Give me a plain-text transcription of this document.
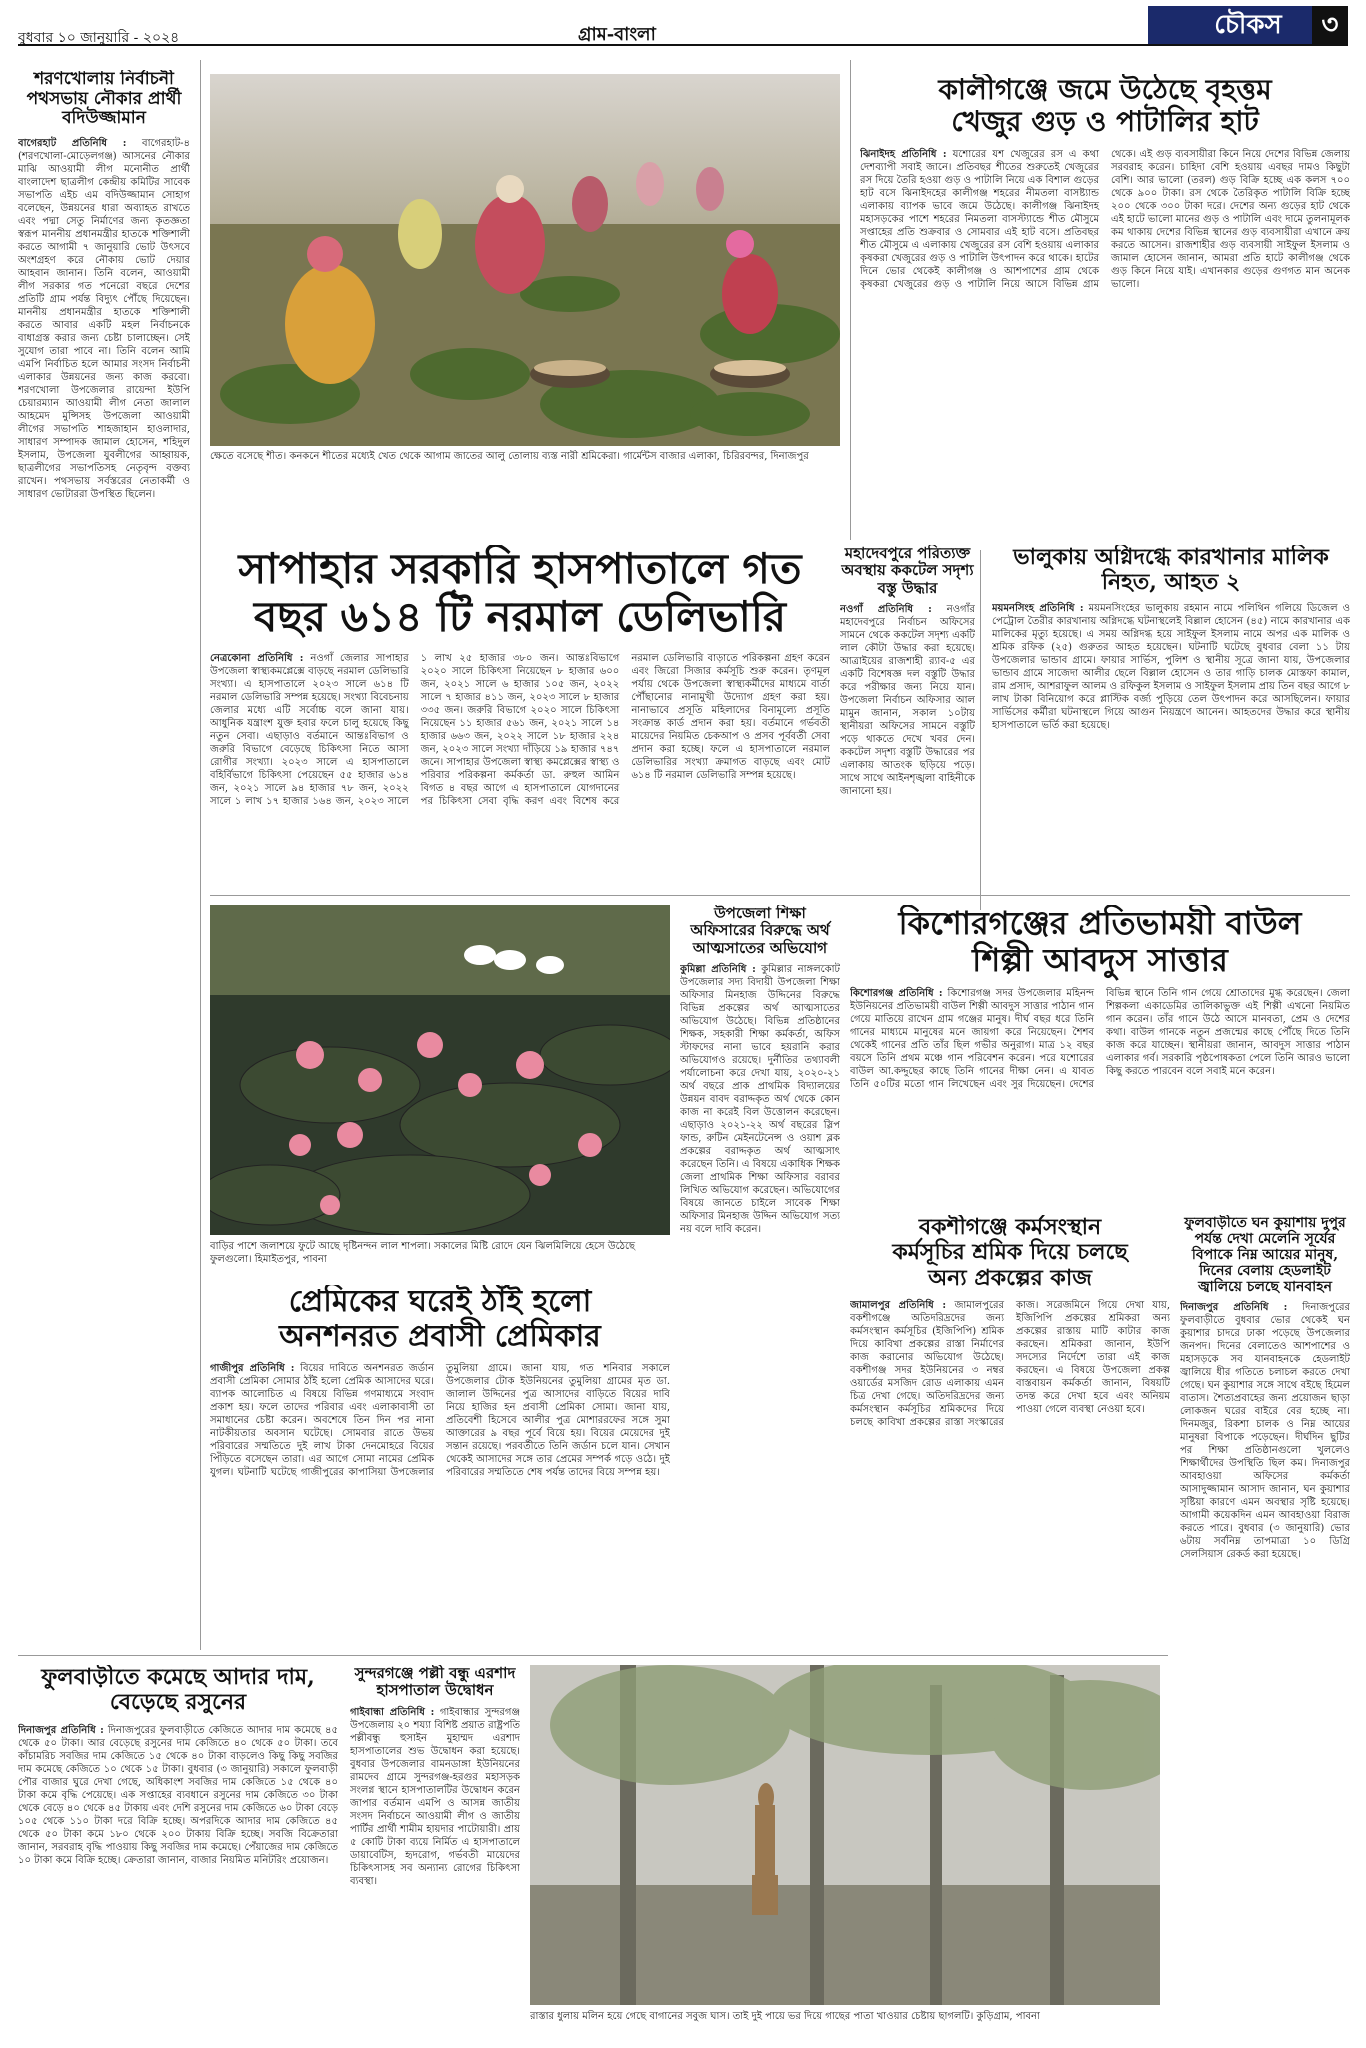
বুধবার ১০ জানুয়ারি - ২০২৪	গ্রাম-বাংলা	চৌকস	৩
শরণখোলায় নির্বাচনী পথসভায় নৌকার প্রার্থী বদিউজ্জামান
বাগেরহাট প্রতিনিধি : বাগেরহাট-৪ (শরণখোলা-মোড়েলগঞ্জ) আসনের নৌকার মাঝি আওয়ামী লীগ মনোনীত প্রার্থী বাংলাদেশ ছাত্রলীগ কেন্দ্রীয় কমিটির সাবেক সভাপতি এইচ এম বদিউজ্জামান সোহাগ বলেছেন, উন্নয়নের ধারা অব্যাহত রাখতে এবং পদ্মা সেতু নির্মাণের জন্য কৃতজ্ঞতা স্বরূপ মাননীয় প্রধানমন্ত্রীর হাতকে শক্তিশালী করতে আগামী ৭ জানুয়ারি ভোট উৎসবে অংশগ্রহণ করে নৌকায় ভোট দেয়ার আহবান জানান। তিনি বলেন, আওয়ামী লীগ সরকার গত পনেরো বছরে দেশের প্রতিটি গ্রাম পর্যন্ত বিদ্যুৎ পৌঁছে দিয়েছেন। মাননীয় প্রধানমন্ত্রীর হাতকে শক্তিশালী করতে আবার একটি মহল নির্বাচনকে বাধাগ্রস্ত করার জন্য চেষ্টা চালাচ্ছেন। সেই সুযোগ তারা পাবে না। তিনি বলেন আমি এমপি নির্বাচিত হলে আমার সংসদ নির্বাচনী এলাকার উন্নয়নের জন্য কাজ করবো। শরণখোলা উপজেলার রায়েন্দা ইউপি চেয়ারম্যান আওয়ামী লীগ নেতা জালাল আহমেদ মুন্সিসহ উপজেলা আওয়ামী লীগের সভাপতি শাহজাহান হাওলাদার, সাধারণ সম্পাদক জামাল হোসেন, শহিদুল ইসলাম, উপজেলা যুবলীগের আহ্বায়ক, ছাত্রলীগের সভাপতিসহ নেতৃবৃন্দ বক্তব্য রাখেন। পথসভায় সর্বস্তরের নেতাকর্মী ও সাধারণ ভোটাররা উপস্থিত ছিলেন।
ক্ষেতে বসেছে শীত। কনকনে শীতের মধ্যেই খেত থেকে আগাম জাতের আলু তোলায় ব্যস্ত নারী শ্রমিকেরা। গার্মেন্টস বাজার এলাকা, চিরিরবন্দর, দিনাজপুর
কালীগঞ্জে জমে উঠেছে বৃহত্তম
খেজুর গুড় ও পাটালির হাট
ঝিনাইদহ প্রতিনিধি : যশোরের যশ খেজুরের রস এ কথা দেশব্যাপী সবাই জানে। প্রতিবছর শীতের শুরুতেই খেজুরের রস দিয়ে তৈরি হওয়া গুড় ও পাটালি নিয়ে এক বিশাল গুড়ের হাট বসে ঝিনাইদহের কালীগঞ্জ শহরের নীমতলা বাসষ্ট্যান্ড এলাকায় ব্যাপক ভাবে জমে উঠেছে। কালীগঞ্জ ঝিনাইদহ মহাসড়কের পাশে শহরের নিমতলা বাসস্ট্যান্ডে শীত মৌসুমে সপ্তাহের প্রতি শুক্রবার ও সোমবার এই হাট বসে। প্রতিবছর শীত মৌসুমে এ এলাকায় খেজুরের রস বেশি হওয়ায় এলাকার কৃষকরা খেজুরের গুড় ও পাটালি উৎপাদন করে থাকে। হাটের দিনে ভোর থেকেই কালীগঞ্জ ও আশপাশের গ্রাম থেকে কৃষকরা খেজুরের গুড় ও পাটালি নিয়ে আসে বিভিন্ন গ্রাম থেকে। এই গুড় ব্যবসায়ীরা কিনে নিয়ে দেশের বিভিন্ন জেলায় সরবরাহ করেন। চাহিদা বেশি হওয়ায় এবছর দামও কিছুটা বেশি। আর ভালো (তরল) গুড় বিক্রি হচ্ছে এক কলস ৭০০ থেকে ৯০০ টাকা। রস থেকে তৈরিকৃত পাটালি বিক্রি হচ্ছে ২০০ থেকে ৩০০ টাকা দরে। দেশের অন্য গুড়ের হাট থেকে এই হাটে ভালো মানের গুড় ও পাটালি এবং দামে তুলনামূলক কম থাকায় দেশের বিভিন্ন স্থানের গুড় ব্যবসায়ীরা এখানে ক্রয় করতে আসেন। রাজশাহীর গুড় ব্যবসায়ী সাইফুল ইসলাম ও জামাল হোসেন জানান, আমরা প্রতি হাটে কালীগঞ্জ থেকে গুড় কিনে নিয়ে যাই। এখানকার গুড়ের গুণগত মান অনেক ভালো।
সাপাহার সরকারি হাসপাতালে গত
বছর ৬১৪ টি নরমাল ডেলিভারি
নেত্রকোনা প্রতিনিধি : নওগাঁ জেলার সাপাহার উপজেলা স্বাস্থ্যকমপ্লেক্সে বাড়ছে নরমাল ডেলিভারি সংখ্যা। এ হাসপাতালে ২০২৩ সালে ৬১৪ টি নরমাল ডেলিভারি সম্পন্ন হয়েছে। সংখ্যা বিবেচনায় জেলার মধ্যে এটি সর্বোচ্চ বলে জানা যায়। আধুনিক যন্ত্রাংশ যুক্ত হবার ফলে চালু হয়েছে কিছু নতুন সেবা। এছাড়াও বর্তমানে আন্তঃবিভাগ ও জরুরি বিভাগে বেড়েছে চিকিৎসা নিতে আসা রোগীর সংখ্যা। ২০২৩ সালে এ হাসপাতালে বহির্বিভাগে চিকিৎসা পেয়েছেন ৫৫ হাজার ৬১৪ জন, ২০২১ সালে ৯৪ হাজার ৭৮ জন, ২০২২ সালে ১ লাখ ১৭ হাজার ১৬৪ জন, ২০২৩ সালে ১ লাখ ২৫ হাজার ৩৮০ জন। আন্তঃবিভাগে ২০২০ সালে চিকিৎসা নিয়েছেন ৮ হাজার ৬০০ জন, ২০২১ সালে ৬ হাজার ১০৫ জন, ২০২২ সালে ৭ হাজার ৪১১ জন, ২০২৩ সালে ৮ হাজার ৩৩৫ জন। জরুরি বিভাগে ২০২০ সালে চিকিৎসা নিয়েছেন ১১ হাজার ৫৬১ জন, ২০২১ সালে ১৪ হাজার ৬৬৩ জন, ২০২২ সালে ১৮ হাজার ২২৪ জন, ২০২৩ সালে সংখ্যা দাঁড়িয়ে ১৯ হাজার ৭৪৭ জনে। সাপাহার উপজেলা স্বাস্থ্য কমপ্লেক্সের স্বাস্থ্য ও পরিবার পরিকল্পনা কর্মকর্তা ডা. রুহুল আমিন বিগত ৪ বছর আগে এ হাসপাতালে যোগদানের পর চিকিৎসা সেবা বৃদ্ধি করণ এবং বিশেষ করে নরমাল ডেলিভারি বাড়াতে পরিকল্পনা গ্রহণ করেন এবং জিরো সিজার কর্মসূচি শুরু করেন। তৃণমূল পর্যায় থেকে উপজেলা স্বাস্থ্যকর্মীদের মাধ্যমে বার্তা পৌঁছানোর নানামুখী উদ্যোগ গ্রহণ করা হয়। নানাভাবে প্রসূতি মহিলাদের বিনামূল্যে প্রসূতি সংক্রান্ত কার্ড প্রদান করা হয়। বর্তমানে গর্ভবতী মায়েদের নিয়মিত চেকআপ ও প্রসব পূর্ববর্তী সেবা প্রদান করা হচ্ছে। ফলে এ হাসপাতালে নরমাল ডেলিভারির সংখ্যা ক্রমাগত বাড়ছে এবং মোট ৬১৪ টি নরমাল ডেলিভারি সম্পন্ন হয়েছে।
মহাদেবপুরে পরিত্যক্ত অবস্থায় ককটেল সদৃশ্য বস্তু উদ্ধার
নওগাঁ প্রতিনিধি : নওগাঁর মহাদেবপুরে নির্বাচন অফিসের সামনে থেকে ককটেল সদৃশ্য একটি লাল কৌটা উদ্ধার করা হয়েছে। আত্রাইয়ের রাজশাহী র‍্যাব-৫ এর একটি বিশেষজ্ঞ দল বস্তুটি উদ্ধার করে পরীক্ষার জন্য নিয়ে যান। উপজেলা নির্বাচন অফিসার আল মামুন জানান, সকাল ১০টায় স্থানীয়রা অফিসের সামনে বস্তুটি পড়ে থাকতে দেখে খবর দেন। ককটেল সদৃশ্য বস্তুটি উদ্ধারের পর এলাকায় আতংক ছড়িয়ে পড়ে। সাথে সাথে আইনশৃঙ্খলা বাহিনীকে জানানো হয়।
ভালুকায় অগ্নিদগ্ধে কারখানার মালিক নিহত, আহত ২
ময়মনসিংহ প্রতিনিধি : ময়মনসিংহের ভালুকায় রহমান নামে পলিথিন গলিয়ে ডিজেল ও পেট্রোল তৈরীর কারখানায় অগ্নিদগ্ধে ঘটনাস্থলেই বিল্লাল হোসেন (৪৫) নামে কারখানার এক মালিকের মৃত্যু হয়েছে। এ সময় অগ্নিদগ্ধ হয়ে সাইফুল ইসলাম নামে অপর এক মালিক ও শ্রমিক রফিক (২৫) গুরুতর আহত হয়েছেন। ঘটনাটি ঘটেছে বুধবার বেলা ১১ টায় উপজেলার ভান্ডাব গ্রামে। ফায়ার সার্ভিস, পুলিশ ও স্থানীয় সূত্রে জানা যায়, উপজেলার ভান্ডাব গ্রামে সাজেদা আলীর ছেলে বিল্লাল হোসেন ও তার গাড়ি চালক মোস্তফা কামাল, রাম প্রসাদ, আশরাফুল আলম ও রফিকুল ইসলাম ও সাইফুল ইসলাম প্রায় তিন বছর আগে ৮ লাখ টাকা বিনিয়োগ করে প্লাস্টিক বর্জ্য পুড়িয়ে তেল উৎপাদন করে আসছিলেন। ফায়ার সার্ভিসের কর্মীরা ঘটনাস্থলে গিয়ে আগুন নিয়ন্ত্রণে আনেন। আহতদের উদ্ধার করে স্থানীয় হাসপাতালে ভর্তি করা হয়েছে।
বাড়ির পাশে জলাশয়ে ফুটে আছে দৃষ্টিনন্দন লাল শাপলা। সকালের মিষ্টি রোদে যেন ঝিলমিলিয়ে হেসে উঠেছে ফুলগুলো। হিমাইতপুর, পাবনা
উপজেলা শিক্ষা অফিসারের বিরুদ্ধে অর্থ আত্মসাতের অভিযোগ
কুমিল্লা প্রতিনিধি : কুমিল্লার নাঙ্গলকোট উপজেলার সদ্য বিদায়ী উপজেলা শিক্ষা অফিসার মিনহাজ উদ্দিনের বিরুদ্ধে বিভিন্ন প্রকল্পের অর্থ আত্মসাতের অভিযোগ উঠেছে। বিভিন্ন প্রতিষ্ঠানের শিক্ষক, সহকারী শিক্ষা কর্মকর্তা, অফিস স্টাফদের নানা ভাবে হয়রানি করার অভিযোগও রয়েছে। দুর্নীতির তথ্যাবলী পর্যালোচনা করে দেখা যায়, ২০২০-২১ অর্থ বছরে প্রাক প্রাথমিক বিদ্যালয়ের উন্নয়ন বাবদ বরাদ্দকৃত অর্থ থেকে কোন কাজ না করেই বিল উত্তোলন করেছেন। এছাড়াও ২০২১-২২ অর্থ বছরের স্লিপ ফান্ড, রুটিন মেইনটেনেন্স ও ওয়াশ ব্লক প্রকল্পের বরাদ্দকৃত অর্থ আত্মসাৎ করেছেন তিনি। এ বিষয়ে একাধিক শিক্ষক জেলা প্রাথমিক শিক্ষা অফিসার বরাবর লিখিত অভিযোগ করেছেন। অভিযোগের বিষয়ে জানতে চাইলে সাবেক শিক্ষা অফিসার মিনহাজ উদ্দিন অভিযোগ সত্য নয় বলে দাবি করেন।
কিশোরগঞ্জের প্রতিভাময়ী বাউল
শিল্পী আবদুস সাত্তার
কিশোরগঞ্জ প্রতিনিধি : কিশোরগঞ্জ সদর উপজেলার মহিনন্দ ইউনিয়নের প্রতিভাময়ী বাউল শিল্পী আবদুস সাত্তার পাঠান গান গেয়ে মাতিয়ে রাখেন গ্রাম গঞ্জের মানুষ। দীর্ঘ বছর ধরে তিনি গানের মাধ্যমে মানুষের মনে জায়গা করে নিয়েছেন। শৈশব থেকেই গানের প্রতি তাঁর ছিল গভীর অনুরাগ। মাত্র ১২ বছর বয়সে তিনি প্রথম মঞ্চে গান পরিবেশন করেন। পরে যশোরের বাউল আ.কদ্দুছের কাছে তিনি গানের দীক্ষা নেন। এ যাবত তিনি ৫০টির মতো গান লিখেছেন এবং সুর দিয়েছেন। দেশের বিভিন্ন স্থানে তিনি গান গেয়ে শ্রোতাদের মুগ্ধ করেছেন। জেলা শিল্পকলা একাডেমির তালিকাভুক্ত এই শিল্পী এখনো নিয়মিত গান করেন। তাঁর গানে উঠে আসে মানবতা, প্রেম ও দেশের কথা। বাউল গানকে নতুন প্রজন্মের কাছে পৌঁছে দিতে তিনি কাজ করে যাচ্ছেন। স্থানীয়রা জানান, আবদুস সাত্তার পাঠান এলাকার গর্ব। সরকারি পৃষ্ঠপোষকতা পেলে তিনি আরও ভালো কিছু করতে পারবেন বলে সবাই মনে করেন।
প্রেমিকের ঘরেই ঠাঁই হলো
অনশনরত প্রবাসী প্রেমিকার
গাজীপুর প্রতিনিধি : বিয়ের দাবিতে অনশনরত জর্ডান প্রবাসী প্রেমিকা সোমার ঠাঁই হলো প্রেমিক আসাদের ঘরে। ব্যাপক আলোচিত এ বিষয়ে বিভিন্ন গণমাধ্যমে সংবাদ প্রকাশ হয়। ফলে তাদের পরিবার এবং এলাকাবাসী তা সমাধানের চেষ্টা করেন। অবশেষে তিন দিন পর নানা নাটকীয়তার অবসান ঘটেছে। সোমবার রাতে উভয় পরিবারের সম্মতিতে দুই লাখ টাকা দেনমোহরে বিয়ের পিঁড়িতে বসেছেন তারা। এর আগে সোমা নামের প্রেমিক যুগল। ঘটনাটি ঘটেছে গাজীপুরের কাপাসিয়া উপজেলার তুমুলিয়া গ্রামে। জানা যায়, গত শনিবার সকালে উপজেলার টোক ইউনিয়নের তুমুলিয়া গ্রামের মৃত ডা. জালাল উদ্দিনের পুত্র আসাদের বাড়িতে বিয়ের দাবি নিয়ে হাজির হন প্রবাসী প্রেমিকা সোমা। জানা যায়, প্রতিবেশী হিসেবে আলীর পুত্র মোশাররফের সঙ্গে সুমা আক্তারের ৯ বছর পূর্বে বিয়ে হয়। বিয়ের মেয়েদের দুই সন্তান রয়েছে। পরবর্তীতে তিনি জর্ডান চলে যান। সেখান থেকেই আসাদের সঙ্গে তার প্রেমের সম্পর্ক গড়ে ওঠে। দুই পরিবারের সম্মতিতে শেষ পর্যন্ত তাদের বিয়ে সম্পন্ন হয়।
বকশীগঞ্জে কর্মসংস্থান
কর্মসূচির শ্রমিক দিয়ে চলছে
অন্য প্রকল্পের কাজ
জামালপুর প্রতিনিধি : জামালপুরের বকশীগঞ্জে অতিদরিদ্রদের জন্য কর্মসংস্থান কর্মসূচির (ইজিপিপি) শ্রমিক দিয়ে কাবিখা প্রকল্পের রাস্তা নির্মাণের কাজ করানোর অভিযোগ উঠেছে। বকশীগঞ্জ সদর ইউনিয়নের ৩ নম্বর ওয়ার্ডের মসজিদ রোড এলাকায় এমন চিত্র দেখা গেছে। অতিদরিদ্রদের জন্য কর্মসংস্থান কর্মসূচির শ্রমিকদের দিয়ে চলছে কাবিখা প্রকল্পের রাস্তা সংস্কারের কাজ। সরেজমিনে গিয়ে দেখা যায়, ইজিপিপি প্রকল্পের শ্রমিকরা অন্য প্রকল্পের রাস্তায় মাটি কাটার কাজ করছেন। শ্রমিকরা জানান, ইউপি সদস্যের নির্দেশে তারা এই কাজ করছেন। এ বিষয়ে উপজেলা প্রকল্প বাস্তবায়ন কর্মকর্তা জানান, বিষয়টি তদন্ত করে দেখা হবে এবং অনিয়ম পাওয়া গেলে ব্যবস্থা নেওয়া হবে।
ফুলবাড়ীতে ঘন কুয়াশায় দুপুর পর্যন্ত দেখা মেলেনি সূর্যের বিপাকে নিম্ন আয়ের মানুষ, দিনের বেলায় হেডলাইট জ্বালিয়ে চলছে যানবাহন
দিনাজপুর প্রতিনিধি : দিনাজপুরের ফুলবাড়ীতে বুধবার ভোর থেকেই ঘন কুয়াশার চাদরে ঢাকা পড়েছে উপজেলার জনপদ। দিনের বেলাতেও আশপাশের ও মহাসড়কে সব যানবাহনকে হেডলাইট জ্বালিয়ে ধীর গতিতে চলাচল করতে দেখা গেছে। ঘন কুয়াশার সঙ্গে সাথে বইছে হিমেল বাতাস। শৈত্যপ্রবাহের জন্য প্রয়োজন ছাড়া লোকজন ঘরের বাইরে বের হচ্ছে না। দিনমজুর, রিকশা চালক ও নিম্ন আয়ের মানুষরা বিপাকে পড়েছেন। দীর্ঘদিন ছুটির পর শিক্ষা প্রতিষ্ঠানগুলো খুললেও শিক্ষার্থীদের উপস্থিতি ছিল কম। দিনাজপুর আবহাওয়া অফিসের কর্মকর্তা আসাদুজ্জামান আসাদ জানান, ঘন কুয়াশার সৃষ্টিয়া কারণে এমন অবস্থার সৃষ্টি হয়েছে। আগামী কয়েকদিন এমন আবহাওয়া বিরাজ করতে পারে। বুধবার (৩ জানুয়ারি) ভোর ৬টায় সর্বনিম্ন তাপমাত্রা ১০ ডিগ্রি সেলসিয়াস রেকর্ড করা হয়েছে।
ফুলবাড়ীতে কমেছে আদার দাম, বেড়েছে রসুনের
দিনাজপুর প্রতিনিধি : দিনাজপুরের ফুলবাড়ীতে কেজিতে আদার দাম কমেছে ৪৫ থেকে ৫০ টাকা। আর বেড়েছে রসুনের দাম কেজিতে ৪০ থেকে ৫০ টাকা। তবে কাঁচামরিচ সবজির দাম কেজিতে ১৫ থেকে ৪০ টাকা বাড়লেও কিছু কিছু সবজির দাম কমেছে কেজিতে ১০ থেকে ১৫ টাকা। বুধবার (৩ জানুয়ারি) সকালে ফুলবাড়ী পৌর বাজার ঘুরে দেখা গেছে, অধিকাংশ সবজির দাম কেজিতে ১৫ থেকে ৪০ টাকা কমে বৃদ্ধি পেয়েছে। এক সপ্তাহের ব্যবধানে রসুনের দাম কেজিতে ৩০ টাকা থেকে বেড়ে ৪০ থেকে ৪৫ টাকায় এবং দেশি রসুনের দাম কেজিতে ৬০ টাকা বেড়ে ১০৫ থেকে ১১০ টাকা দরে বিক্রি হচ্ছে। অপরদিকে আদার দাম কেজিতে ৪৫ থেকে ৫০ টাকা কমে ১৮০ থেকে ২০০ টাকায় বিক্রি হচ্ছে। সবজি বিক্রেতারা জানান, সরবরাহ বৃদ্ধি পাওয়ায় কিছু সবজির দাম কমেছে। পেঁয়াজের দাম কেজিতে ১০ টাকা কমে বিক্রি হচ্ছে। ক্রেতারা জানান, বাজার নিয়মিত মনিটরিং প্রয়োজন।
সুন্দরগঞ্জে পল্লী বন্ধু এরশাদ হাসপাতাল উদ্বোধন
গাইবান্ধা প্রতিনিধি : গাইবান্ধার সুন্দরগঞ্জ উপজেলায় ২০ শয্যা বিশিষ্ট প্রয়াত রাষ্ট্রপতি পল্লীবন্ধু হুসাইন মুহাম্মদ এরশাদ হাসপাতালের শুভ উদ্বোধন করা হয়েছে। বুধবার উপজেলার বামনডাঙ্গা ইউনিয়নের রামদেব গ্রামে সুন্দরগঞ্জ-হরগুর মহাসড়ক সংলগ্ন স্থানে হাসপাতালটির উদ্বোধন করেন জাপার বর্তমান এমপি ও আসন্ন জাতীয় সংসদ নির্বাচনে আওয়ামী লীগ ও জাতীয় পার্টির প্রার্থী শামীম হায়দার পাটোয়ারী। প্রায় ৫ কোটি টাকা ব্যয়ে নির্মিত এ হাসপাতালে ডায়াবেটিস, হৃদরোগ, গর্ভবতী মায়েদের চিকিৎসাসহ সব অন্যান্য রোগের চিকিৎসা ব্যবস্থা।
রাস্তার ধুলায় মলিন হয়ে গেছে বাগানের সবুজ ঘাস। তাই দুই পায়ে ভর দিয়ে গাছের পাতা খাওয়ার চেষ্টায় ছাগলটি। কুড়িগ্রাম, পাবনা
